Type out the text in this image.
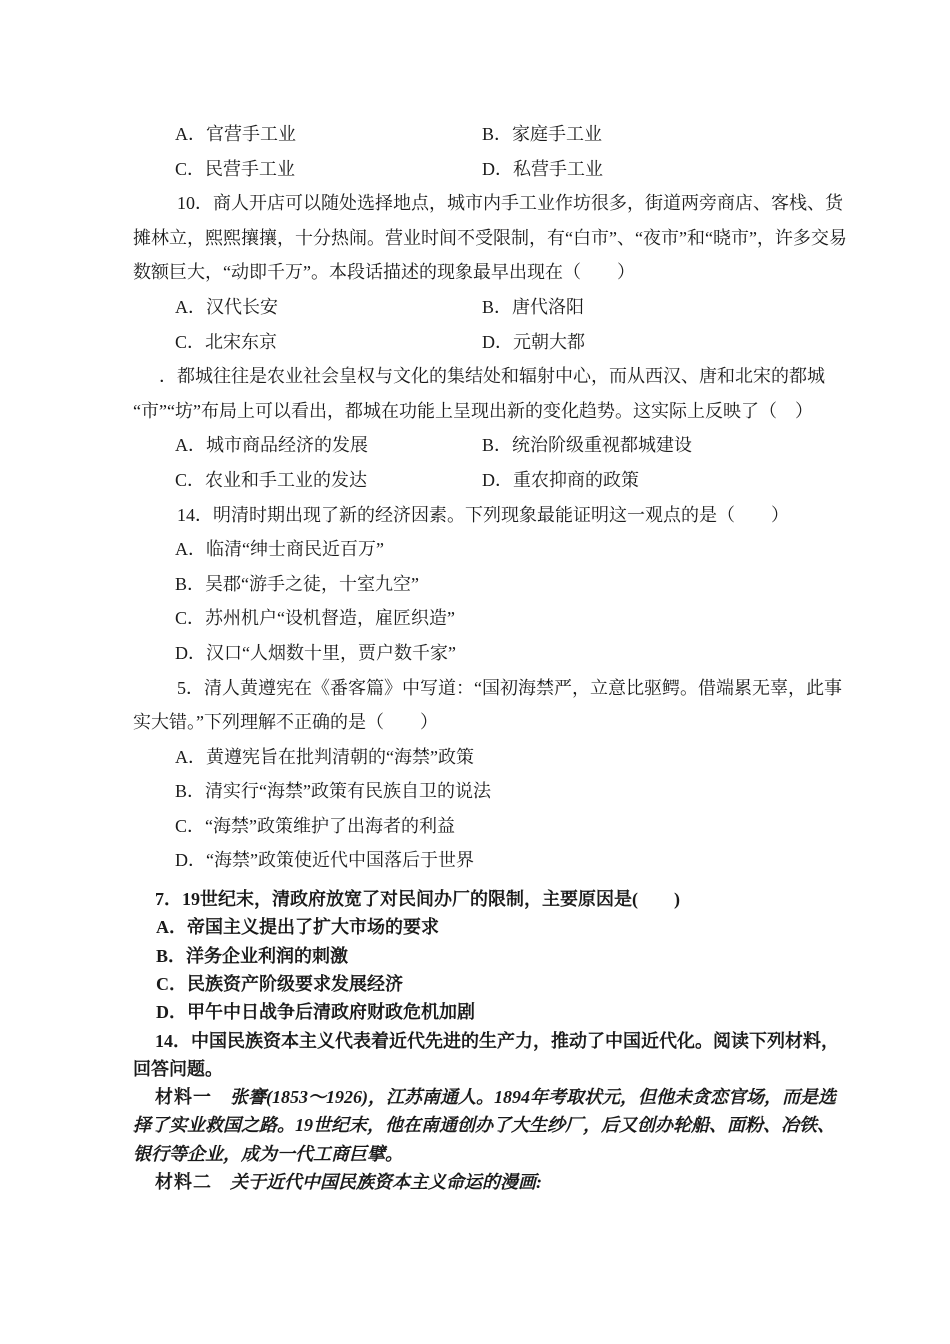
A．官营手工业	B．家庭手工业

C．民营手工业	D．私营手工业

10．商人开店可以随处选择地点，城市内手工业作坊很多，街道两旁商店、客栈、货摊林立，熙熙攘攘，十分热闹。营业时间不受限制，有“白市”、“夜市”和“晓市”，许多交易数额巨大，“动即千万”。本段话描述的现象最早出现在（　　）

A．汉代长安	B．唐代洛阳

C．北宋东京	D．元朝大都

．都城往往是农业社会皇权与文化的集结处和辐射中心，而从西汉、唐和北宋的都城“市”“坊”布局上可以看出，都城在功能上呈现出新的变化趋势。这实际上反映了（　）

A．城市商品经济的发展	B．统治阶级重视都城建设

C．农业和手工业的发达	D．重农抑商的政策

14．明清时期出现了新的经济因素。下列现象最能证明这一观点的是（　　）

A．临清“绅士商民近百万”

B．吴郡“游手之徒，十室九空”

C．苏州机户“设机督造，雇匠织造”

D．汉口“人烟数十里，贾户数千家”

5．清人黄遵宪在《番客篇》中写道：“国初海禁严，立意比驱鳄。借端累无辜，此事实大错。”下列理解不正确的是（　　）

A．黄遵宪旨在批判清朝的“海禁”政策

B．清实行“海禁”政策有民族自卫的说法

C．“海禁”政策维护了出海者的利益

D．“海禁”政策使近代中国落后于世界

7．19世纪末，清政府放宽了对民间办厂的限制，主要原因是(　　)

A．帝国主义提出了扩大市场的要求

B．洋务企业利润的刺激

C．民族资产阶级要求发展经济

D．甲午中日战争后清政府财政危机加剧

14．中国民族资本主义代表着近代先进的生产力，推动了中国近代化。阅读下列材料，回答问题。

材料一 张謇(1853～1926)，江苏南通人。1894年考取状元，但他未贪恋官场，而是选择了实业救国之路。19世纪末，他在南通创办了大生纱厂，后又创办轮船、面粉、冶铁、银行等企业，成为一代工商巨擘。

材料二 关于近代中国民族资本主义命运的漫画:
